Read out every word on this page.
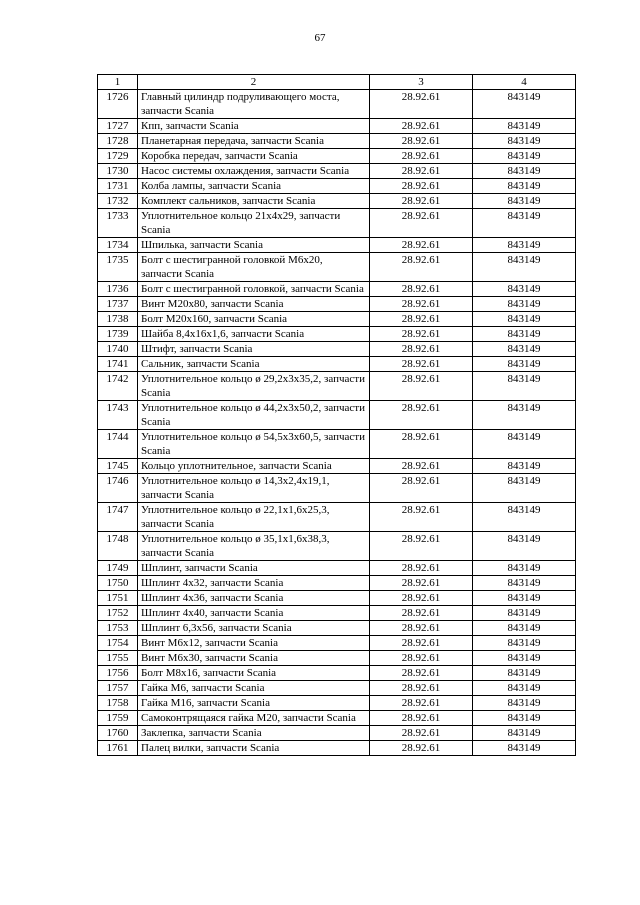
67
1	2	3	4
1726	Главный цилиндр подруливающего моста, запчасти Scania	28.92.61	843149
1727	Кпп, запчасти Scania	28.92.61	843149
1728	Планетарная передача, запчасти Scania	28.92.61	843149
1729	Коробка передач, запчасти Scania	28.92.61	843149
1730	Насос системы охлаждения, запчасти Scania	28.92.61	843149
1731	Колба лампы, запчасти Scania	28.92.61	843149
1732	Комплект сальников, запчасти Scania	28.92.61	843149
1733	Уплотнительное кольцо 21х4х29, запчасти Scania	28.92.61	843149
1734	Шпилька, запчасти Scania	28.92.61	843149
1735	Болт с шестигранной головкой М6х20, запчасти Scania	28.92.61	843149
1736	Болт с шестигранной головкой, запчасти Scania	28.92.61	843149
1737	Винт М20х80, запчасти Scania	28.92.61	843149
1738	Болт М20х160, запчасти Scania	28.92.61	843149
1739	Шайба 8,4х16х1,6, запчасти Scania	28.92.61	843149
1740	Штифт, запчасти Scania	28.92.61	843149
1741	Сальник, запчасти Scania	28.92.61	843149
1742	Уплотнительное кольцо ø 29,2х3х35,2, запчасти Scania	28.92.61	843149
1743	Уплотнительное кольцо ø 44,2х3х50,2, запчасти Scania	28.92.61	843149
1744	Уплотнительное кольцо ø 54,5х3х60,5, запчасти Scania	28.92.61	843149
1745	Кольцо уплотнительное, запчасти Scania	28.92.61	843149
1746	Уплотнительное кольцо ø 14,3х2,4х19,1, запчасти Scania	28.92.61	843149
1747	Уплотнительное кольцо ø 22,1х1,6х25,3, запчасти Scania	28.92.61	843149
1748	Уплотнительное кольцо ø 35,1х1,6х38,3, запчасти Scania	28.92.61	843149
1749	Шплинт, запчасти Scania	28.92.61	843149
1750	Шплинт 4х32, запчасти Scania	28.92.61	843149
1751	Шплинт 4х36, запчасти Scania	28.92.61	843149
1752	Шплинт 4х40, запчасти Scania	28.92.61	843149
1753	Шплинт 6,3х56, запчасти Scania	28.92.61	843149
1754	Винт М6х12, запчасти Scania	28.92.61	843149
1755	Винт М6х30, запчасти Scania	28.92.61	843149
1756	Болт М8х16, запчасти Scania	28.92.61	843149
1757	Гайка М6, запчасти Scania	28.92.61	843149
1758	Гайка М16, запчасти Scania	28.92.61	843149
1759	Самоконтрящаяся гайка М20, запчасти Scania	28.92.61	843149
1760	Заклепка, запчасти Scania	28.92.61	843149
1761	Палец вилки, запчасти Scania	28.92.61	843149
